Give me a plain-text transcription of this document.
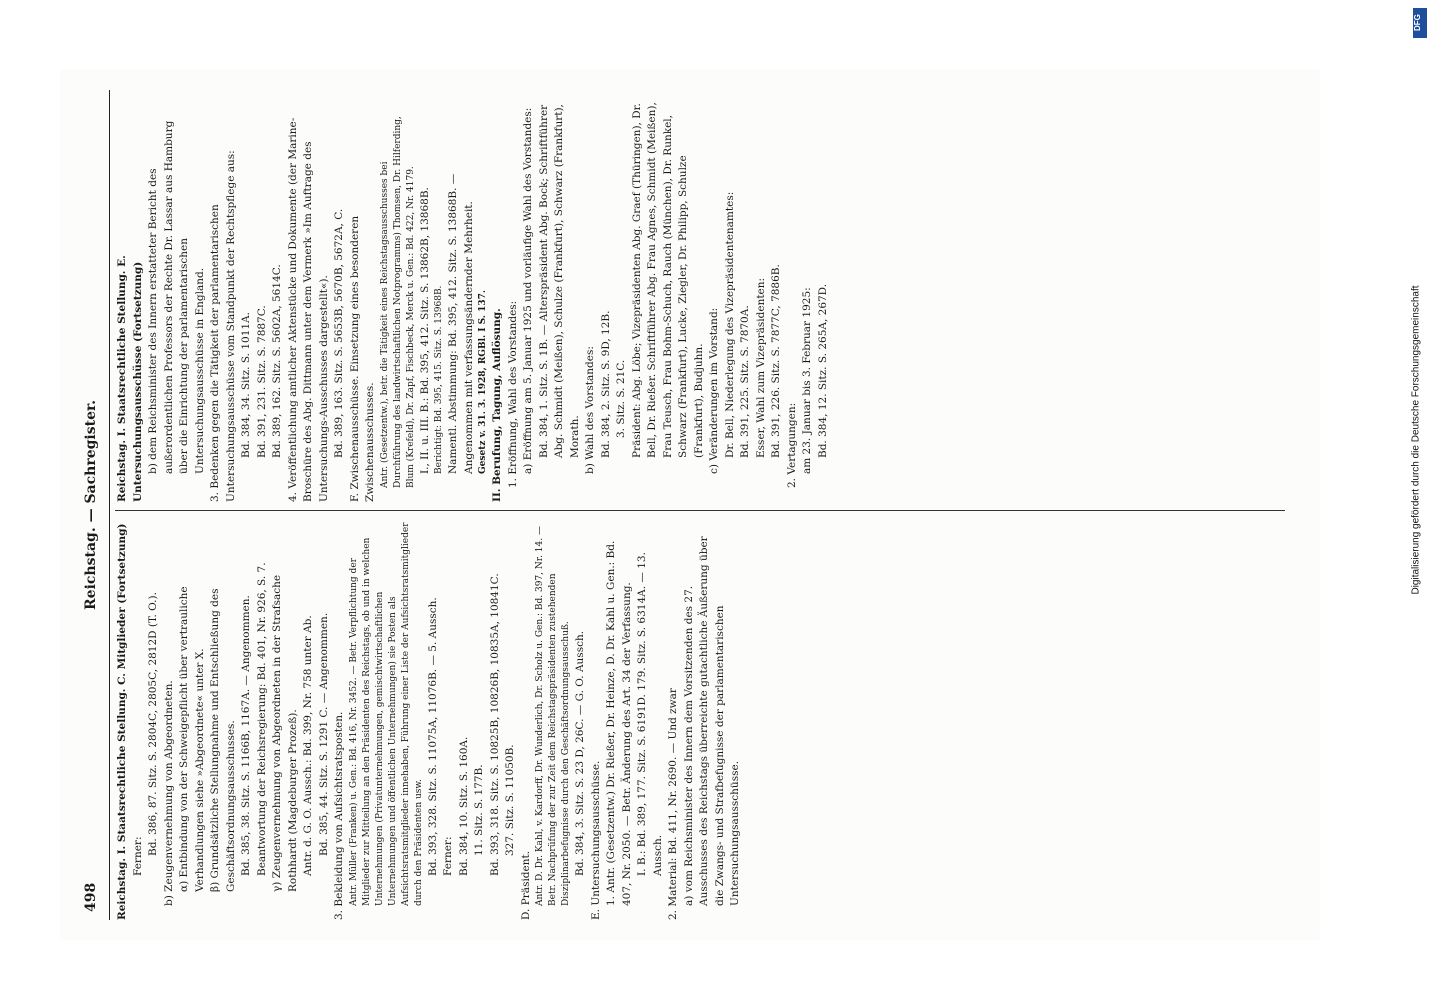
498
Reichstag. — Sachregister.

Reichstag. I. Staatsrechtliche Stellung. C. Mitglieder (Fortsetzung) Ferner:

Bd. 386, 87. Sitz. S. 2804C, 2805C, 2812D (T. O.). b) Zeugenvernehmung von Abgeordneten. α) Entbindung von der Schweigepflicht über vertrauliche Verhandlungen siehe »Abgeordnete« unter X. β) Grundsätzliche Stellungnahme und Entschließung des Geschäftsordnungsausschusses. Bd. 385, 38. Sitz. S. 1166B, 1167A. — Angenommen. Beantwortung der Reichsregierung: Bd. 401, Nr. 926, S. 7. γ) Zeugenvernehmung von Abgeordneten in der Strafsache Rothhardt (Magdeburger Prozeß). Antr. d. G. O. Aussch.: Bd. 399, Nr. 758 unter Ab. Bd. 385, 44. Sitz. S. 1291 C. — Angenommen. 3. Bekleidung von Aufsichtsratsposten. Antr. Müller (Franken) u. Gen.: Bd. 416, Nr. 3452. — Betr. Verpflichtung der Mitglieder zur Mitteilung an den Präsidenten des Reichstags, ob und in welchen Unternehmungen (Privatunternehmungen, gemischtwirtschaftlichen Unternehmungen und öffentlichen Unternehmungen) sie Posten als Aufsichtsratsmitglieder innehaben, Führung einer Liste der Aufsichtsratsmitglieder durch den Präsidenten usw. Bd. 393, 328. Sitz. S. 11075A, 11076B. — 5. Aussch. Ferner: Bd. 384, 10. Sitz. S. 160A. 11. Sitz. S. 177B. Bd. 393, 318. Sitz. S. 10825B, 10826B, 10835A, 10841C. 327. Sitz. S. 11050B.

D. Präsident. Antr. D. Dr. Kahl, v. Kardorff, Dr. Wunderlich, Dr. Scholz u. Gen.: Bd. 397, Nr. 14. — Betr. Nachprüfung der zur Zeit dem Reichstagspräsidenten zustehenden Disziplinarbefugnisse durch den Geschäftsordnungsausschuß. Bd. 384, 3. Sitz. S. 23 D, 26C. — G. O. Aussch. E. Untersuchungsausschüsse. 1. Antr. (Gesetzentw.) Dr. Rießer, Dr. Heinze, D. Dr. Kahl u. Gen.: Bd. 407, Nr. 2050. — Betr. Änderung des Art. 34 der Verfassung. I. B.: Bd. 389, 177. Sitz. S. 6191D. 179. Sitz. S. 6314A. — 13. Aussch. 2. Material: Bd. 411, Nr. 2690. — Und zwar a) vom Reichsminister des Innern dem Vorsitzenden des 27. Ausschusses des Reichstags überreichte gutachtliche Äußerung über die Zwangs- und Strafbefugnisse der parlamentarischen Untersuchungsausschüsse.

Reichstag. I. Staatsrechtliche Stellung. E. Untersuchungsausschüsse (Fortsetzung) b) dem Reichsminister des Innern erstatteter Bericht des außerordentlichen Professors der Rechte Dr. Lassar aus Hamburg über die Einrichtung der parlamentarischen Untersuchungsausschüsse in England. 3. Bedenken gegen die Tätigkeit der parlamentarischen Untersuchungsausschüsse vom Standpunkt der Rechtspflege aus: Bd. 384, 34. Sitz. S. 1011A. Bd. 391, 231. Sitz. S. 7887C. Bd. 389, 162. Sitz. S. 5602A, 5614C. 4. Veröffentlichung amtlicher Aktenstücke und Dokumente (der Marine-Broschüre des Abg. Dittmann unter dem Vermerk »Im Auftrage des Untersuchungs-Ausschusses dargestellt«). Bd. 389, 163. Sitz. S. 5653B, 5670B, 5672A, C. F. Zwischenausschüsse. Einsetzung eines besonderen Zwischenausschusses. Antr. (Gesetzentw.), betr. die Tätigkeit eines Reichstagsausschusses bei Durchführung des landwirtschaftlichen Notprogramms) Thomsen, Dr. Hilferding, Blum (Krefeld), Dr. Zapf, Fischbeck, Merck u. Gen.: Bd. 422, Nr. 4179. I., II. u. III. B.: Bd. 395, 412. Sitz. S. 13862B, 13868B. Berichtigt: Bd. 395, 415. Sitz. S. 13968B. Namentl. Abstimmung: Bd. 395, 412. Sitz. S. 13868B. — Angenommen mit verfassungsändernder Mehrheit. Gesetz v. 31. 3. 1928, RGBl. I S. 137. II. Berufung, Tagung, Auflösung. 1. Eröffnung, Wahl des Vorstandes: a) Eröffnung am 5. Januar 1925 und vorläufige Wahl des Vorstandes: Bd. 384, 1. Sitz. S. 1B. — Alterspräsident Abg. Bock; Schriftführer Abg. Schmidt (Meißen), Schulze (Frankfurt), Schwarz (Frankfurt), Morath. b) Wahl des Vorstandes: Bd. 384, 2. Sitz. S. 9D, 12B. 3. Sitz. S. 21C. Präsident: Abg. Löbe; Vizepräsidenten Abg. Graef (Thüringen), Dr. Bell, Dr. Rießer. Schriftführer Abg. Frau Agnes, Schmidt (Meißen), Frau Teusch, Frau Bohm-Schuch, Rauch (München), Dr. Runkel, Schwarz (Frankfurt), Lucke, Ziegler, Dr. Philipp, Schulze (Frankfurt), Budjuhn. c) Veränderungen im Vorstand: Dr. Bell, Niederlegung des Vizepräsidentenamtes: Bd. 391, 225. Sitz. S. 7870A. Esser, Wahl zum Vizepräsidenten: Bd. 391, 226. Sitz. S. 7877C, 7886B. 2. Vertagungen: am 23. Januar bis 3. Februar 1925: Bd. 384, 12. Sitz. S. 265A, 267D.

DFG
Digitalisierung gefördert durch die Deutsche Forschungsgemeinschaft
